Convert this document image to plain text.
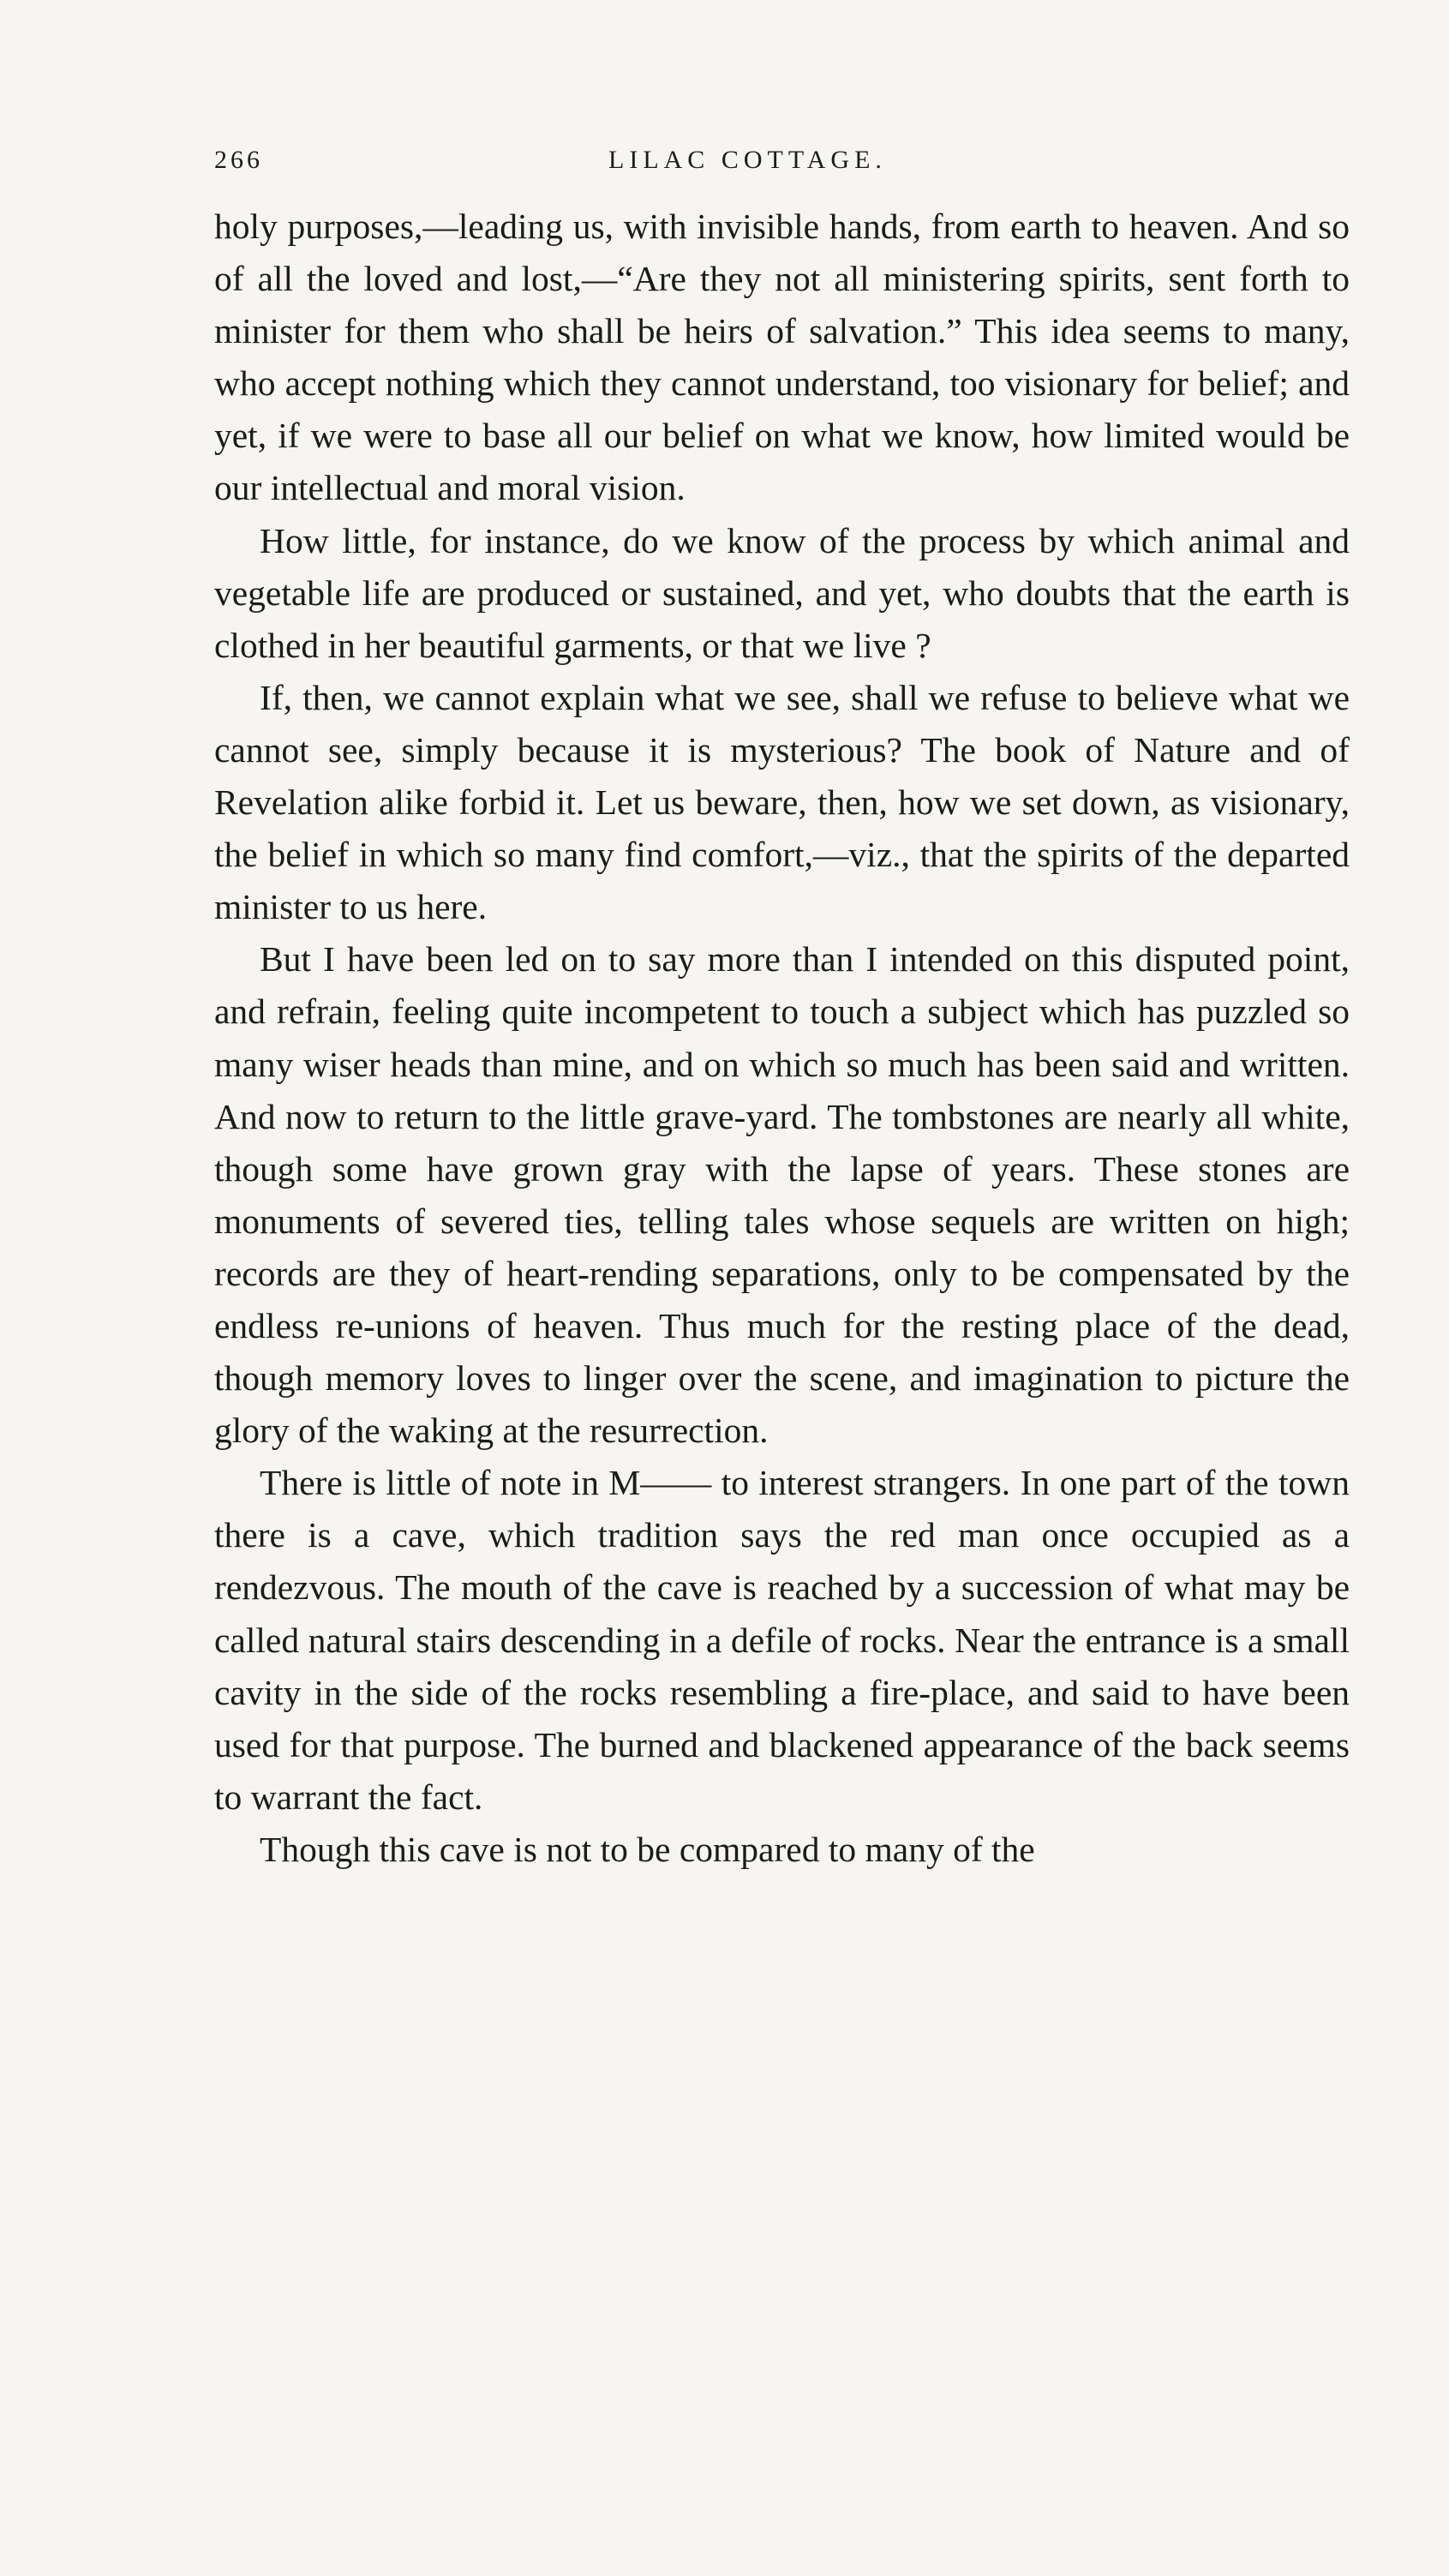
266	LILAC COTTAGE.

holy purposes,—leading us, with invisible hands, from earth to heaven. And so of all the loved and lost,—“Are they not all ministering spirits, sent forth to minister for them who shall be heirs of salvation.” This idea seems to many, who accept nothing which they cannot understand, too visionary for belief; and yet, if we were to base all our belief on what we know, how limited would be our intellectual and moral vision.

How little, for instance, do we know of the process by which animal and vegetable life are produced or sustained, and yet, who doubts that the earth is clothed in her beautiful garments, or that we live ?

If, then, we cannot explain what we see, shall we refuse to believe what we cannot see, simply because it is mysterious? The book of Nature and of Revelation alike forbid it. Let us beware, then, how we set down, as visionary, the belief in which so many find comfort,—viz., that the spirits of the departed minister to us here.

But I have been led on to say more than I intended on this disputed point, and refrain, feeling quite incompetent to touch a subject which has puzzled so many wiser heads than mine, and on which so much has been said and written. And now to return to the little grave-yard. The tombstones are nearly all white, though some have grown gray with the lapse of years. These stones are monuments of severed ties, telling tales whose sequels are written on high; records are they of heart-rending separations, only to be compensated by the endless re-unions of heaven. Thus much for the resting place of the dead, though memory loves to linger over the scene, and imagination to picture the glory of the waking at the resurrection.

There is little of note in M—— to interest strangers. In one part of the town there is a cave, which tradition says the red man once occupied as a rendezvous. The mouth of the cave is reached by a succession of what may be called natural stairs descending in a defile of rocks. Near the entrance is a small cavity in the side of the rocks resembling a fire-place, and said to have been used for that purpose. The burned and blackened appearance of the back seems to warrant the fact.

Though this cave is not to be compared to many of the
